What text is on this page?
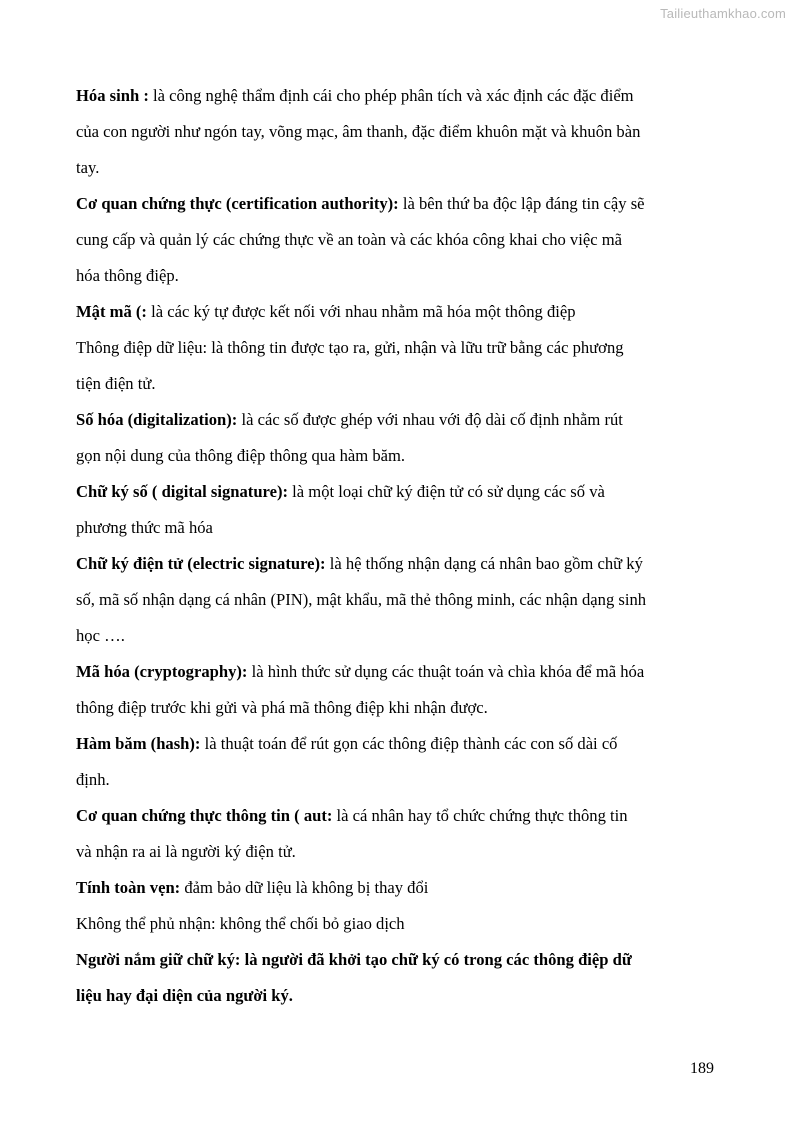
Tailieuthamkhao.com
Hóa sinh : là công nghệ thẩm định cái cho phép phân tích và xác định các đặc điểm
của con người như ngón tay, võng mạc, âm thanh, đặc điểm khuôn mặt và khuôn bàn
tay.
Cơ quan chứng thực (certification authority): là bên thứ ba độc lập đáng tin cậy sẽ
cung cấp và quản lý các chứng thực về an toàn và các khóa công khai cho việc mã
hóa thông điệp.
Mật mã (: là các ký tự được kết nối với nhau nhằm mã hóa một thông điệp
Thông điệp dữ liệu: là thông tin được tạo ra, gửi, nhận và lữu trữ bằng các phương
tiện điện tử.
Số hóa (digitalization): là các số được ghép với nhau với độ dài cố định nhằm rút
gọn nội dung của thông điệp thông qua hàm băm.
Chữ ký số ( digital signature): là một loại chữ ký điện tử có sử dụng các số và
phương thức mã hóa
Chữ ký điện tử (electric signature): là hệ thống nhận dạng cá nhân bao gồm chữ ký
số, mã số nhận dạng cá nhân (PIN), mật khẩu, mã thẻ thông minh, các nhận dạng sinh
học ….
Mã hóa (cryptography): là hình thức sử dụng các thuật toán và chìa khóa để mã hóa
thông điệp trước khi gửi và phá mã thông điệp khi nhận được.
Hàm băm (hash): là thuật toán để rút gọn các thông điệp thành các con số dài cố
định.
Cơ quan chứng thực thông tin ( aut: là cá nhân hay tổ chức chứng thực thông tin
và nhận ra ai là người ký điện tử.
Tính toàn vẹn: đảm bảo dữ liệu là không bị thay đổi
Không thể phủ nhận: không thể chối bỏ giao dịch
Người nắm giữ chữ ký: là người đã khởi tạo chữ ký có trong các thông điệp dữ
liệu hay đại diện của người ký.
189
